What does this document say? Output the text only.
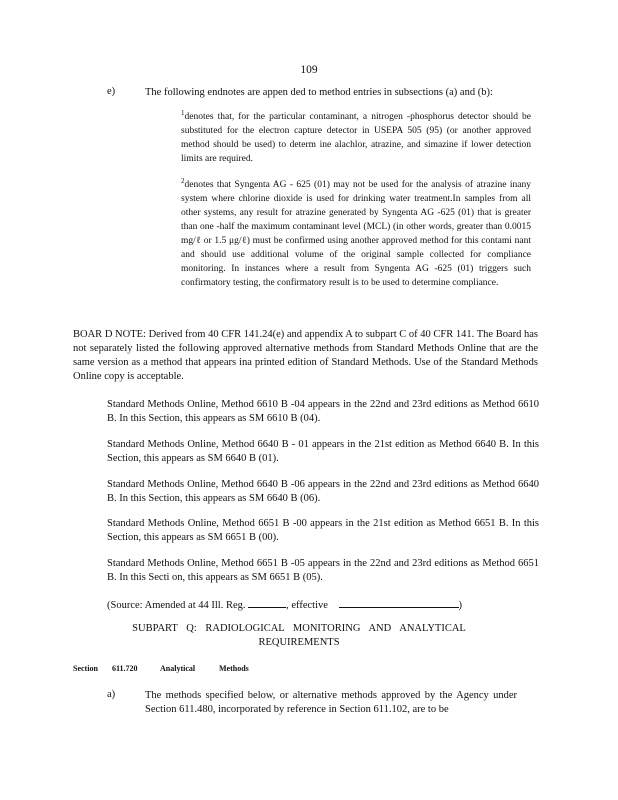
109
e)	The following endnotes are appen ded to method entries in subsections (a) and (b):

$^1$denotes that, for the particular contaminant, a nitrogen -phosphorus detector should be substituted for the electron capture detector in USEPA 505 (95) (or another approved method should be used) to determ ine alachlor, atrazine, and simazine if lower detection limits are required.

$^2$denotes that Syngenta AG - 625 (01) may not be used for the analysis of atrazine inany system where chlorine dioxide is used for drinking water treatment.In samples from all other systems, any result for atrazine generated by Syngenta AG -625 (01) that is greater than one -half the maximum contaminant level (MCL) (in other words, greater than 0.0015 mg/ℓ or 1.5 μg/ℓ) must be confirmed using another approved method for this contami nant and should use additional volume of the original sample collected for compliance monitoring. In instances where a result from Syngenta AG -625 (01) triggers such confirmatory testing, the confirmatory result is to be used to determine compliance.

BOAR D NOTE: Derived from 40 CFR 141.24(e) and appendix A to subpart C of 40 CFR 141. The Board has not separately listed the following approved alternative methods from Standard Methods Online that are the same version as a method that appears ina printed edition of Standard Methods. Use of the Standard Methods Online copy is acceptable.

Standard Methods Online, Method 6610 B -04 appears in the 22nd and 23rd editions as Method 6610 B. In this Section, this appears as SM 6610 B (04).

Standard Methods Online, Method 6640 B - 01 appears in the 21st edition as Method 6640 B. In this Section, this appears as SM 6640 B (01).

Standard Methods Online, Method 6640 B -06 appears in the 22nd and 23rd editions as Method 6640 B. In this Section, this appears as SM 6640 B (06).

Standard Methods Online, Method 6651 B -00 appears in the 21st edition as Method 6651 B. In this Section, this appears as SM 6651 B (00).

Standard Methods Online, Method 6651 B -05 appears in the 22nd and 23rd editions as Method 6651 B. In this Secti on, this appears as SM 6651 B (05).

(Source: Amended at 44 Ill. Reg.	, effective	)
SUBPART Q: RADIOLOGICAL MONITORING AND ANALYTICAL
REQUIREMENTS
Section 611.720	Analytical	Methods
a)	The methods specified below, or alternative methods approved by the Agency under Section 611.480, incorporated by reference in Section 611.102, are to be
